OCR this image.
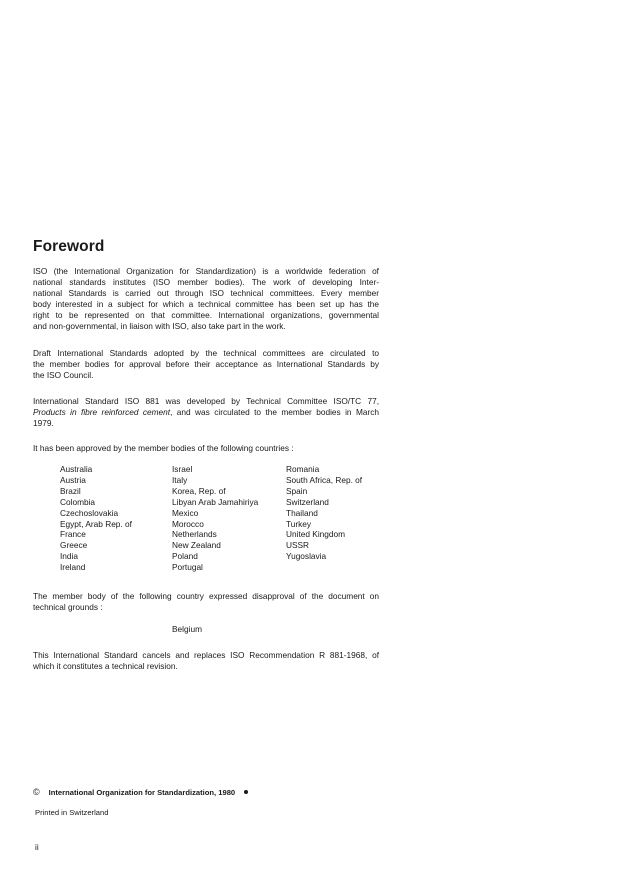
Foreword

ISO (the International Organization for Standardization) is a worldwide federation of
national standards institutes (ISO member bodies). The work of developing Inter-
national Standards is carried out through ISO technical committees. Every member
body interested in a subject for which a technical committee has been set up has the
right to be represented on that committee. International organizations, governmental
and non-governmental, in liaison with ISO, also take part in the work.

Draft International Standards adopted by the technical committees are circulated to
the member bodies for approval before their acceptance as International Standards by
the ISO Council.

International Standard ISO 881 was developed by Technical Committee ISO/TC 77,
Products in fibre reinforced cement, and was circulated to the member bodies in March
1979.

It has been approved by the member bodies of the following countries :

Australia
Austria
Brazil
Colombia
Czechoslovakia
Egypt, Arab Rep. of
France
Greece
India
Ireland
Israel
Italy
Korea, Rep. of
Libyan Arab Jamahiriya
Mexico
Morocco
Netherlands
New Zealand
Poland
Portugal
Romania
South Africa, Rep. of
Spain
Switzerland
Thailand
Turkey
United Kingdom
USSR
Yugoslavia

The member body of the following country expressed disapproval of the document on
technical grounds :

Belgium

This International Standard cancels and replaces ISO Recommendation R 881-1968, of
which it constitutes a technical revision.

© International Organization for Standardization, 1980

Printed in Switzerland

ii
